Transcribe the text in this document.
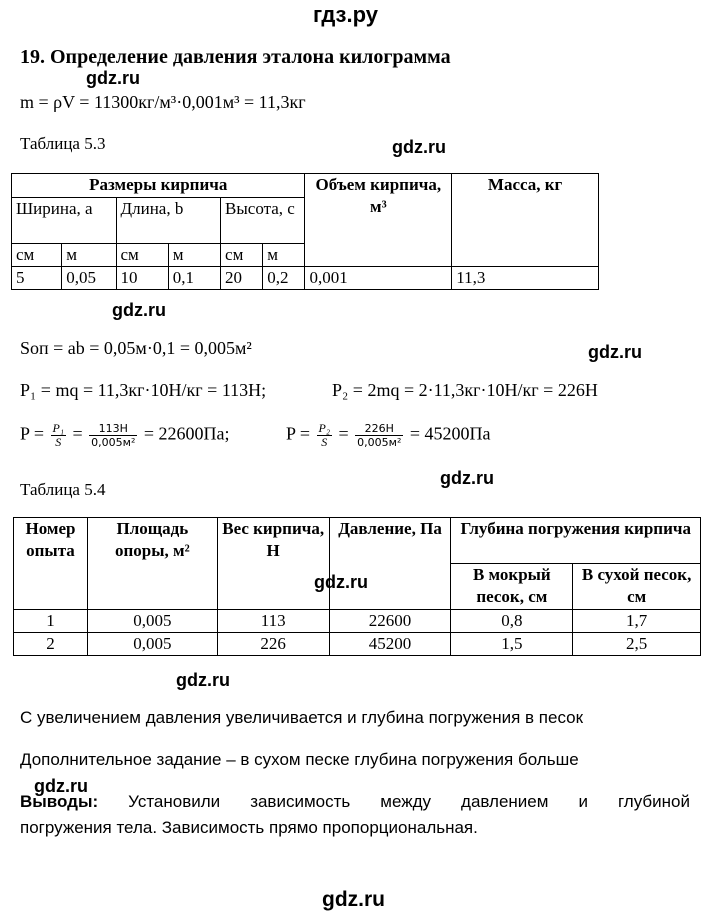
гдз.ру
19. Определение давления эталона килограмма
gdz.ru
m = ρV = 11300кг/м³·0,001м³ = 11,3кг
Таблица 5.3	gdz.ru
Размеры кирпича						Объем кирпича, м³	Масса, кг
Ширина, а		Длина, b		Высота, с			
см	м	см	м	см	м		
5	0,05	10	0,1	20	0,2	0,001	11,3
gdz.ru
Sоп = ab = 0,05м·0,1 = 0,005м²	gdz.ru
P₁ = mq = 11,3кг·10Н/кг = 113Н;	P₂ = 2mq = 2·11,3кг·10Н/кг = 226Н
$P = \frac{\text{P₁}}{S} = \frac{113Н}{\text{0,005м²}} = 22600Па$;	$P = \frac{\text{P₂}}{S} = \frac{226Н}{\text{0,005м²}} = 45200Па$
gdz.ru
Таблица 5.4
Номер опыта	Площадь опоры, м²	Вес кирпича, Н	Давление, Па	Глубина погружения кирпича	
				В мокрый песок, см	В сухой песок, см
1	0,005	113	22600	0,8	1,7
2	0,005	226	45200	1,5	2,5
gdz.ru
gdz.ru
С увеличением давления увеличивается и глубина погружения в песок
Дополнительное задание – в сухом песке глубина погружения больше
gdz.ru
Выводы: Установили зависимость между давлением и глубиной
погружения тела. Зависимость прямо пропорциональная.
gdz.ru
